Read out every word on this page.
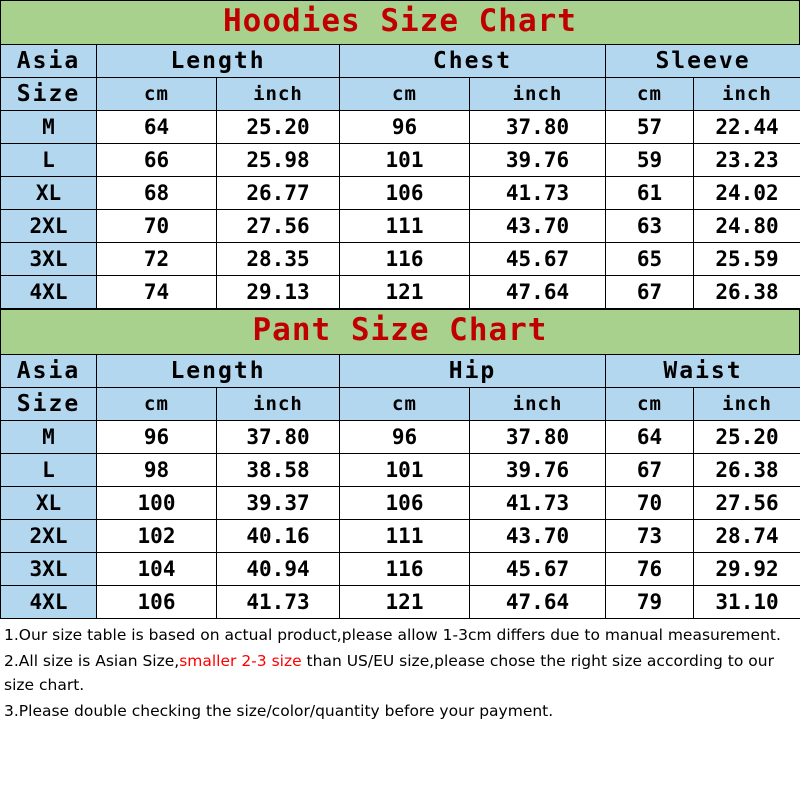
Hoodies Size Chart
Asia	Length		Chest		Sleeve	
Size	cm	inch	cm	inch	cm	inch
M	64	25.20	96	37.80	57	22.44
L	66	25.98	101	39.76	59	23.23
XL	68	26.77	106	41.73	61	24.02
2XL	70	27.56	111	43.70	63	24.80
3XL	72	28.35	116	45.67	65	25.59
4XL	74	29.13	121	47.64	67	26.38
Pant Size Chart
Asia	Length		Hip		Waist	
Size	cm	inch	cm	inch	cm	inch
M	96	37.80	96	37.80	64	25.20
L	98	38.58	101	39.76	67	26.38
XL	100	39.37	106	41.73	70	27.56
2XL	102	40.16	111	43.70	73	28.74
3XL	104	40.94	116	45.67	76	29.92
4XL	106	41.73	121	47.64	79	31.10

1.Our size table is based on actual product,please allow 1-3cm differs due to manual measurement.

2.All size is Asian Size,smaller 2-3 size than US/EU size,please chose the right size according to our size chart.

3.Please double checking the size/color/quantity before your payment.
